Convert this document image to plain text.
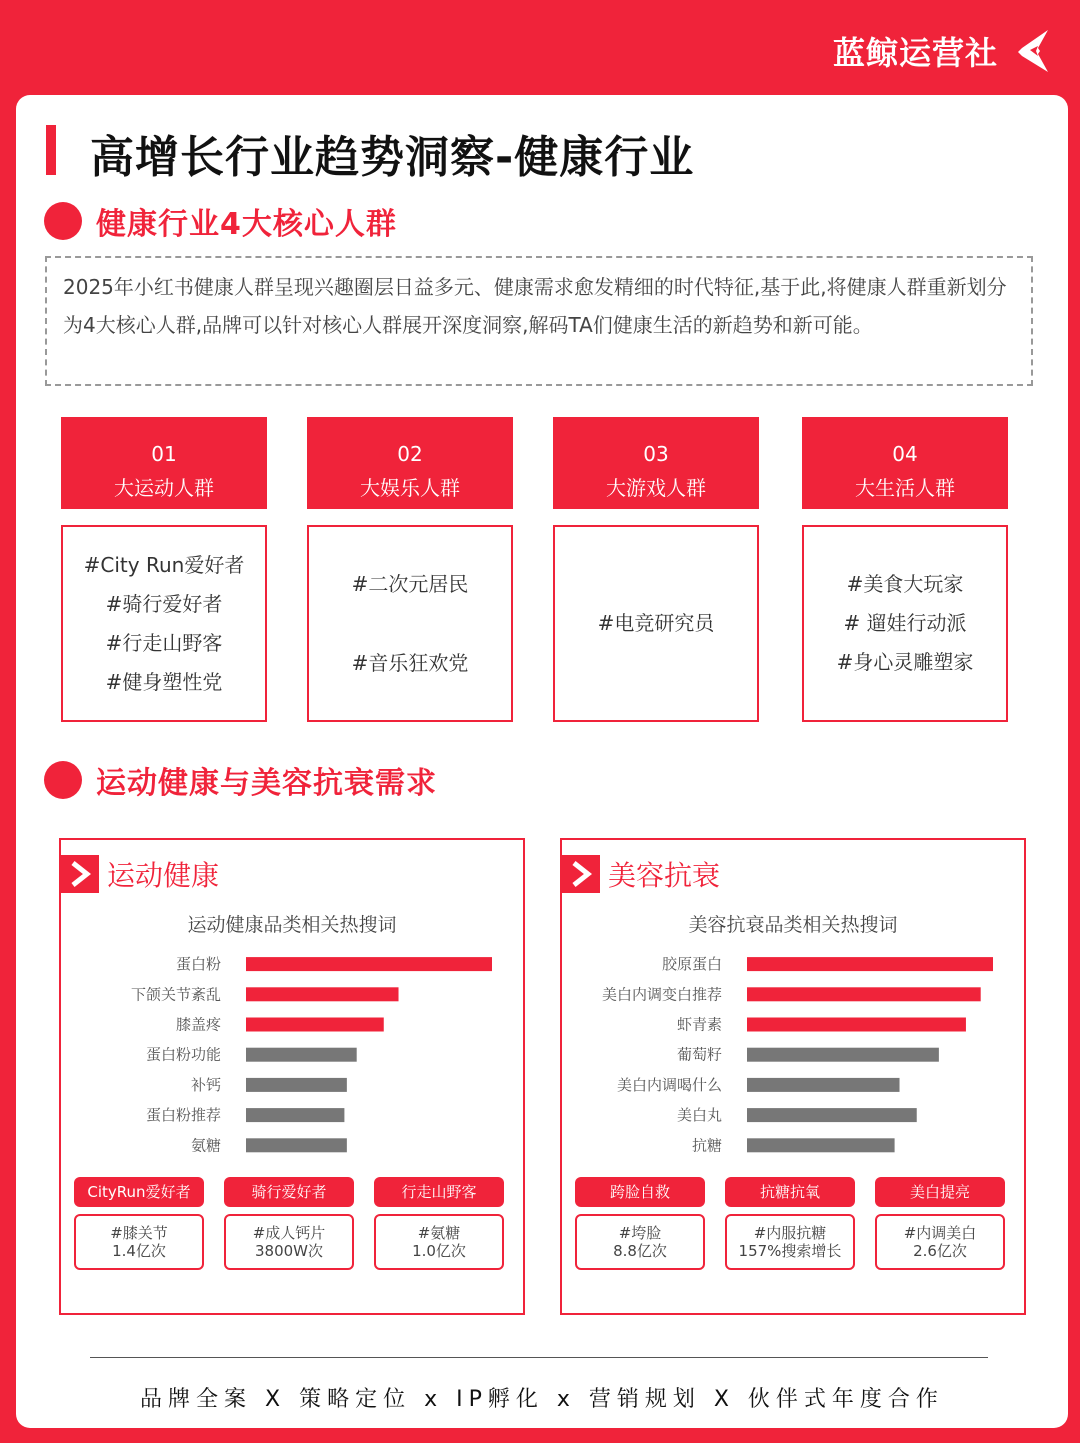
蓝鲸运营社
高增长行业趋势洞察-健康行业
健康行业4大核心人群
2025年小红书健康人群呈现兴趣圈层日益多元、健康需求愈发精细的时代特征,基于此,将健康人群重新划分为4大核心人群,品牌可以针对核心人群展开深度洞察,解码TA们健康生活的新趋势和新可能。
01
大运动人群
02
大娱乐人群
03
大游戏人群
04
大生活人群
#City Run爱好者
#骑行爱好者
#行走山野客
#健身塑性党
#二次元居民
#音乐狂欢党
#电竞研究员
#美食大玩家
# 遛娃行动派
#身心灵雕塑家
运动健康与美容抗衰需求
运动健康
运动健康品类相关热搜词
蛋白粉
下颌关节紊乱
膝盖疼
蛋白粉功能
补钙
蛋白粉推荐
氨糖
CityRun爱好者	骑行爱好者	行走山野客
#膝关节
1.4亿次
#成人钙片
3800W次
#氨糖
1.0亿次
美容抗衰
美容抗衰品类相关热搜词
胶原蛋白
美白内调变白推荐
虾青素
葡萄籽
美白内调喝什么
美白丸
抗糖
跨脸自救	抗糖抗氧	美白提亮
#垮脸
8.8亿次
#内服抗糖
157%搜索增长
#内调美白
2.6亿次
品牌全案 X 策略定位 x IP孵化 x 营销规划 X 伙伴式年度合作
